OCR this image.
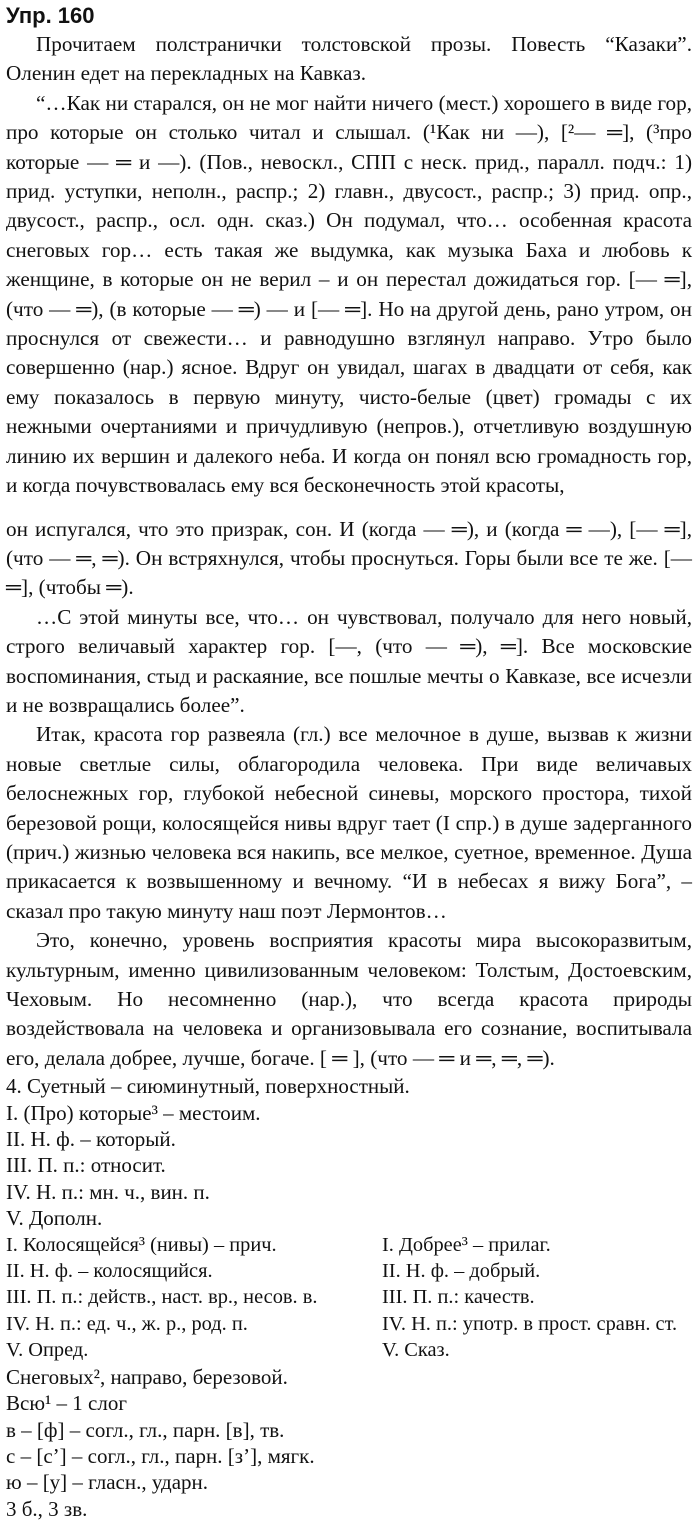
Упр. 160

Прочитаем полстранички толстовской прозы. Повесть “Казаки”. Оленин едет на перекладных на Кавказ.

“…Как ни старался, он не мог найти ничего (мест.) хорошего в виде гор, про которые он столько читал и слышал. (¹Как ни —), [²— ═], (³про которые — ═ и —). (Пов., невоскл., СПП с неск. прид., паралл. подч.: 1) прид. уступки, неполн., распр.; 2) главн., двусост., распр.; 3) прид. опр., двусост., распр., осл. одн. сказ.) Он подумал, что… особенная красота снеговых гор… есть такая же выдумка, как музыка Баха и любовь к женщине, в которые он не верил – и он перестал дожидаться гор. [— ═], (что — ═), (в которые — ═) — и [— ═]. Но на другой день, рано утром, он проснулся от свежести… и равнодушно взглянул направо. Утро было совершенно (нар.) ясное. Вдруг он увидал, шагах в двадцати от себя, как ему показалось в первую минуту, чисто-белые (цвет) громады с их нежными очертаниями и причудливую (непров.), отчетливую воздушную линию их вершин и далекого неба. И когда он понял всю громадность гор, и когда почувствовалась ему вся бесконечность этой красоты,

он испугался, что это призрак, сон. И (когда — ═), и (когда ═ —), [— ═], (что — ═, ═). Он встряхнулся, чтобы проснуться. Горы были все те же. [— ═], (чтобы ═).

…С этой минуты все, что… он чувствовал, получало для него новый, строго величавый характер гор. [—, (что — ═), ═]. Все московские воспоминания, стыд и раскаяние, все пошлые мечты о Кавказе, все исчезли и не возвращались более”.

Итак, красота гор развеяла (гл.) все мелочное в душе, вызвав к жизни новые светлые силы, облагородила человека. При виде величавых белоснежных гор, глубокой небесной синевы, морского простора, тихой березовой рощи, колосящейся нивы вдруг тает (I спр.) в душе задерганного (прич.) жизнью человека вся накипь, все мелкое, суетное, временное. Душа прикасается к возвышенному и вечному. “И в небесах я вижу Бога”, – сказал про такую минуту наш поэт Лермонтов…

Это, конечно, уровень восприятия красоты мира высокоразвитым, культурным, именно цивилизованным человеком: Толстым, Достоевским, Чеховым. Но несомненно (нар.), что всегда красота природы воздействовала на человека и организовывала его сознание, воспитывала его, делала добрее, лучше, богаче. [ ═ ], (что — ═ и ═, ═, ═).

4. Суетный – сиюминутный, поверхностный.

I. (Про) которые³ – местоим.

II. Н. ф. – который.

III. П. п.: относит.

IV. Н. п.: мн. ч., вин. п.

V. Дополн.

I. Колосящейся³ (нивы) – прич.

II. Н. ф. – колосящийся.

III. П. п.: действ., наст. вр., несов. в.

IV. Н. п.: ед. ч., ж. р., род. п.

V. Опред.

I. Добрее³ – прилаг.

II. Н. ф. – добрый.

III. П. п.: качеств.

IV. Н. п.: употр. в прост. сравн. ст.

V. Сказ.

Снеговых², направо, березовой.

Всю¹ – 1 слог

в – [ф] – согл., гл., парн. [в], тв.

с – [с’] – согл., гл., парн. [з’], мягк.

ю – [у] – гласн., ударн.

3 б., 3 зв.
